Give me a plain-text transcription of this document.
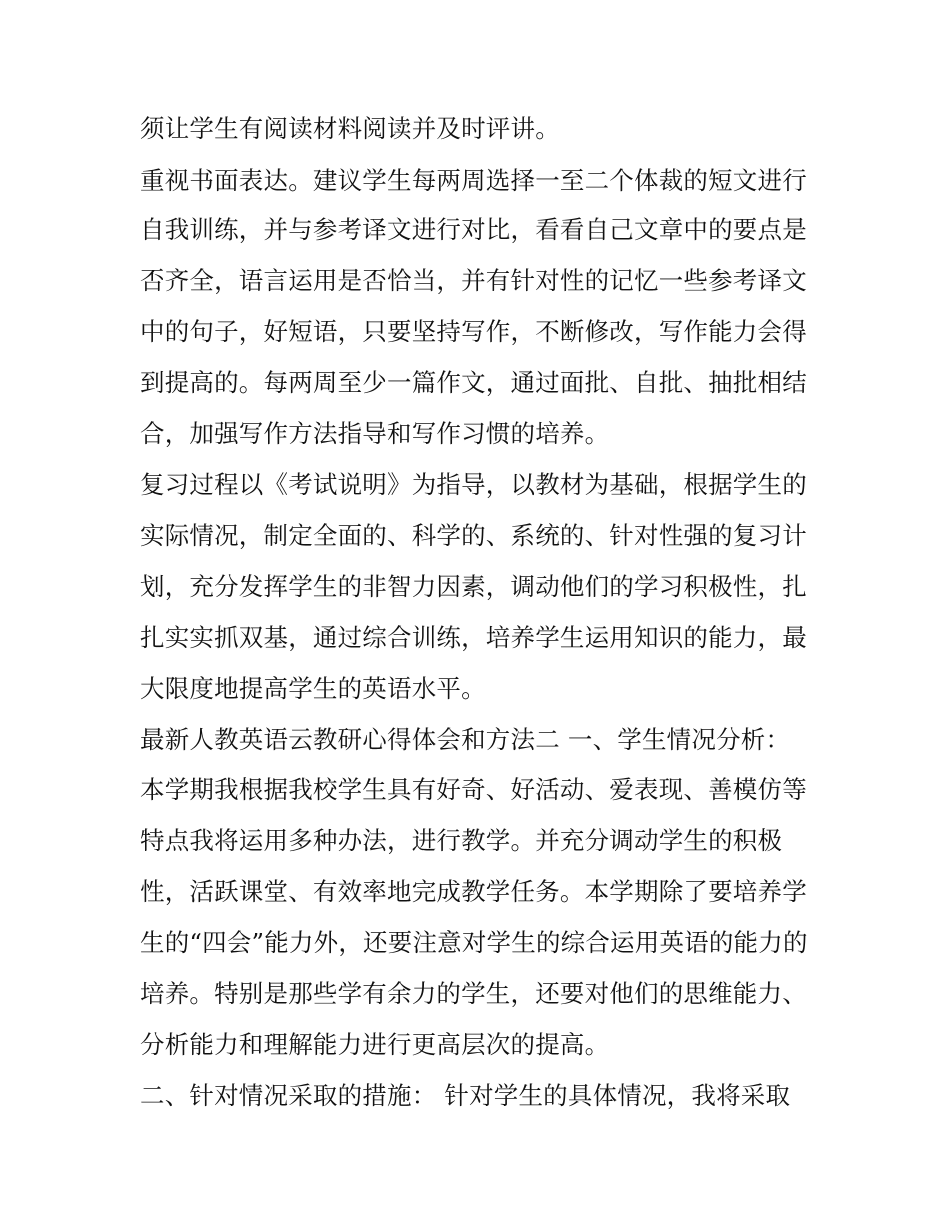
须让学生有阅读材料阅读并及时评讲。
重视书面表达。建议学生每两周选择一至二个体裁的短文进行
自我训练，并与参考译文进行对比，看看自己文章中的要点是
否齐全，语言运用是否恰当，并有针对性的记忆一些参考译文
中的句子，好短语，只要坚持写作，不断修改，写作能力会得
到提高的。每两周至少一篇作文，通过面批、自批、抽批相结
合，加强写作方法指导和写作习惯的培养。
复习过程以《考试说明》为指导，以教材为基础，根据学生的
实际情况，制定全面的、科学的、系统的、针对性强的复习计
划，充分发挥学生的非智力因素，调动他们的学习积极性，扎
扎实实抓双基，通过综合训练，培养学生运用知识的能力，最
大限度地提高学生的英语水平。
最新人教英语云教研心得体会和方法二 一、学生情况分析：
本学期我根据我校学生具有好奇、好活动、爱表现、善模仿等
特点我将运用多种办法，进行教学。并充分调动学生的积极
性，活跃课堂、有效率地完成教学任务。本学期除了要培养学
生的“四会”能力外，还要注意对学生的综合运用英语的能力的
培养。特别是那些学有余力的学生，还要对他们的思维能力、
分析能力和理解能力进行更高层次的提高。
二、针对情况采取的措施： 针对学生的具体情况，我将采取
